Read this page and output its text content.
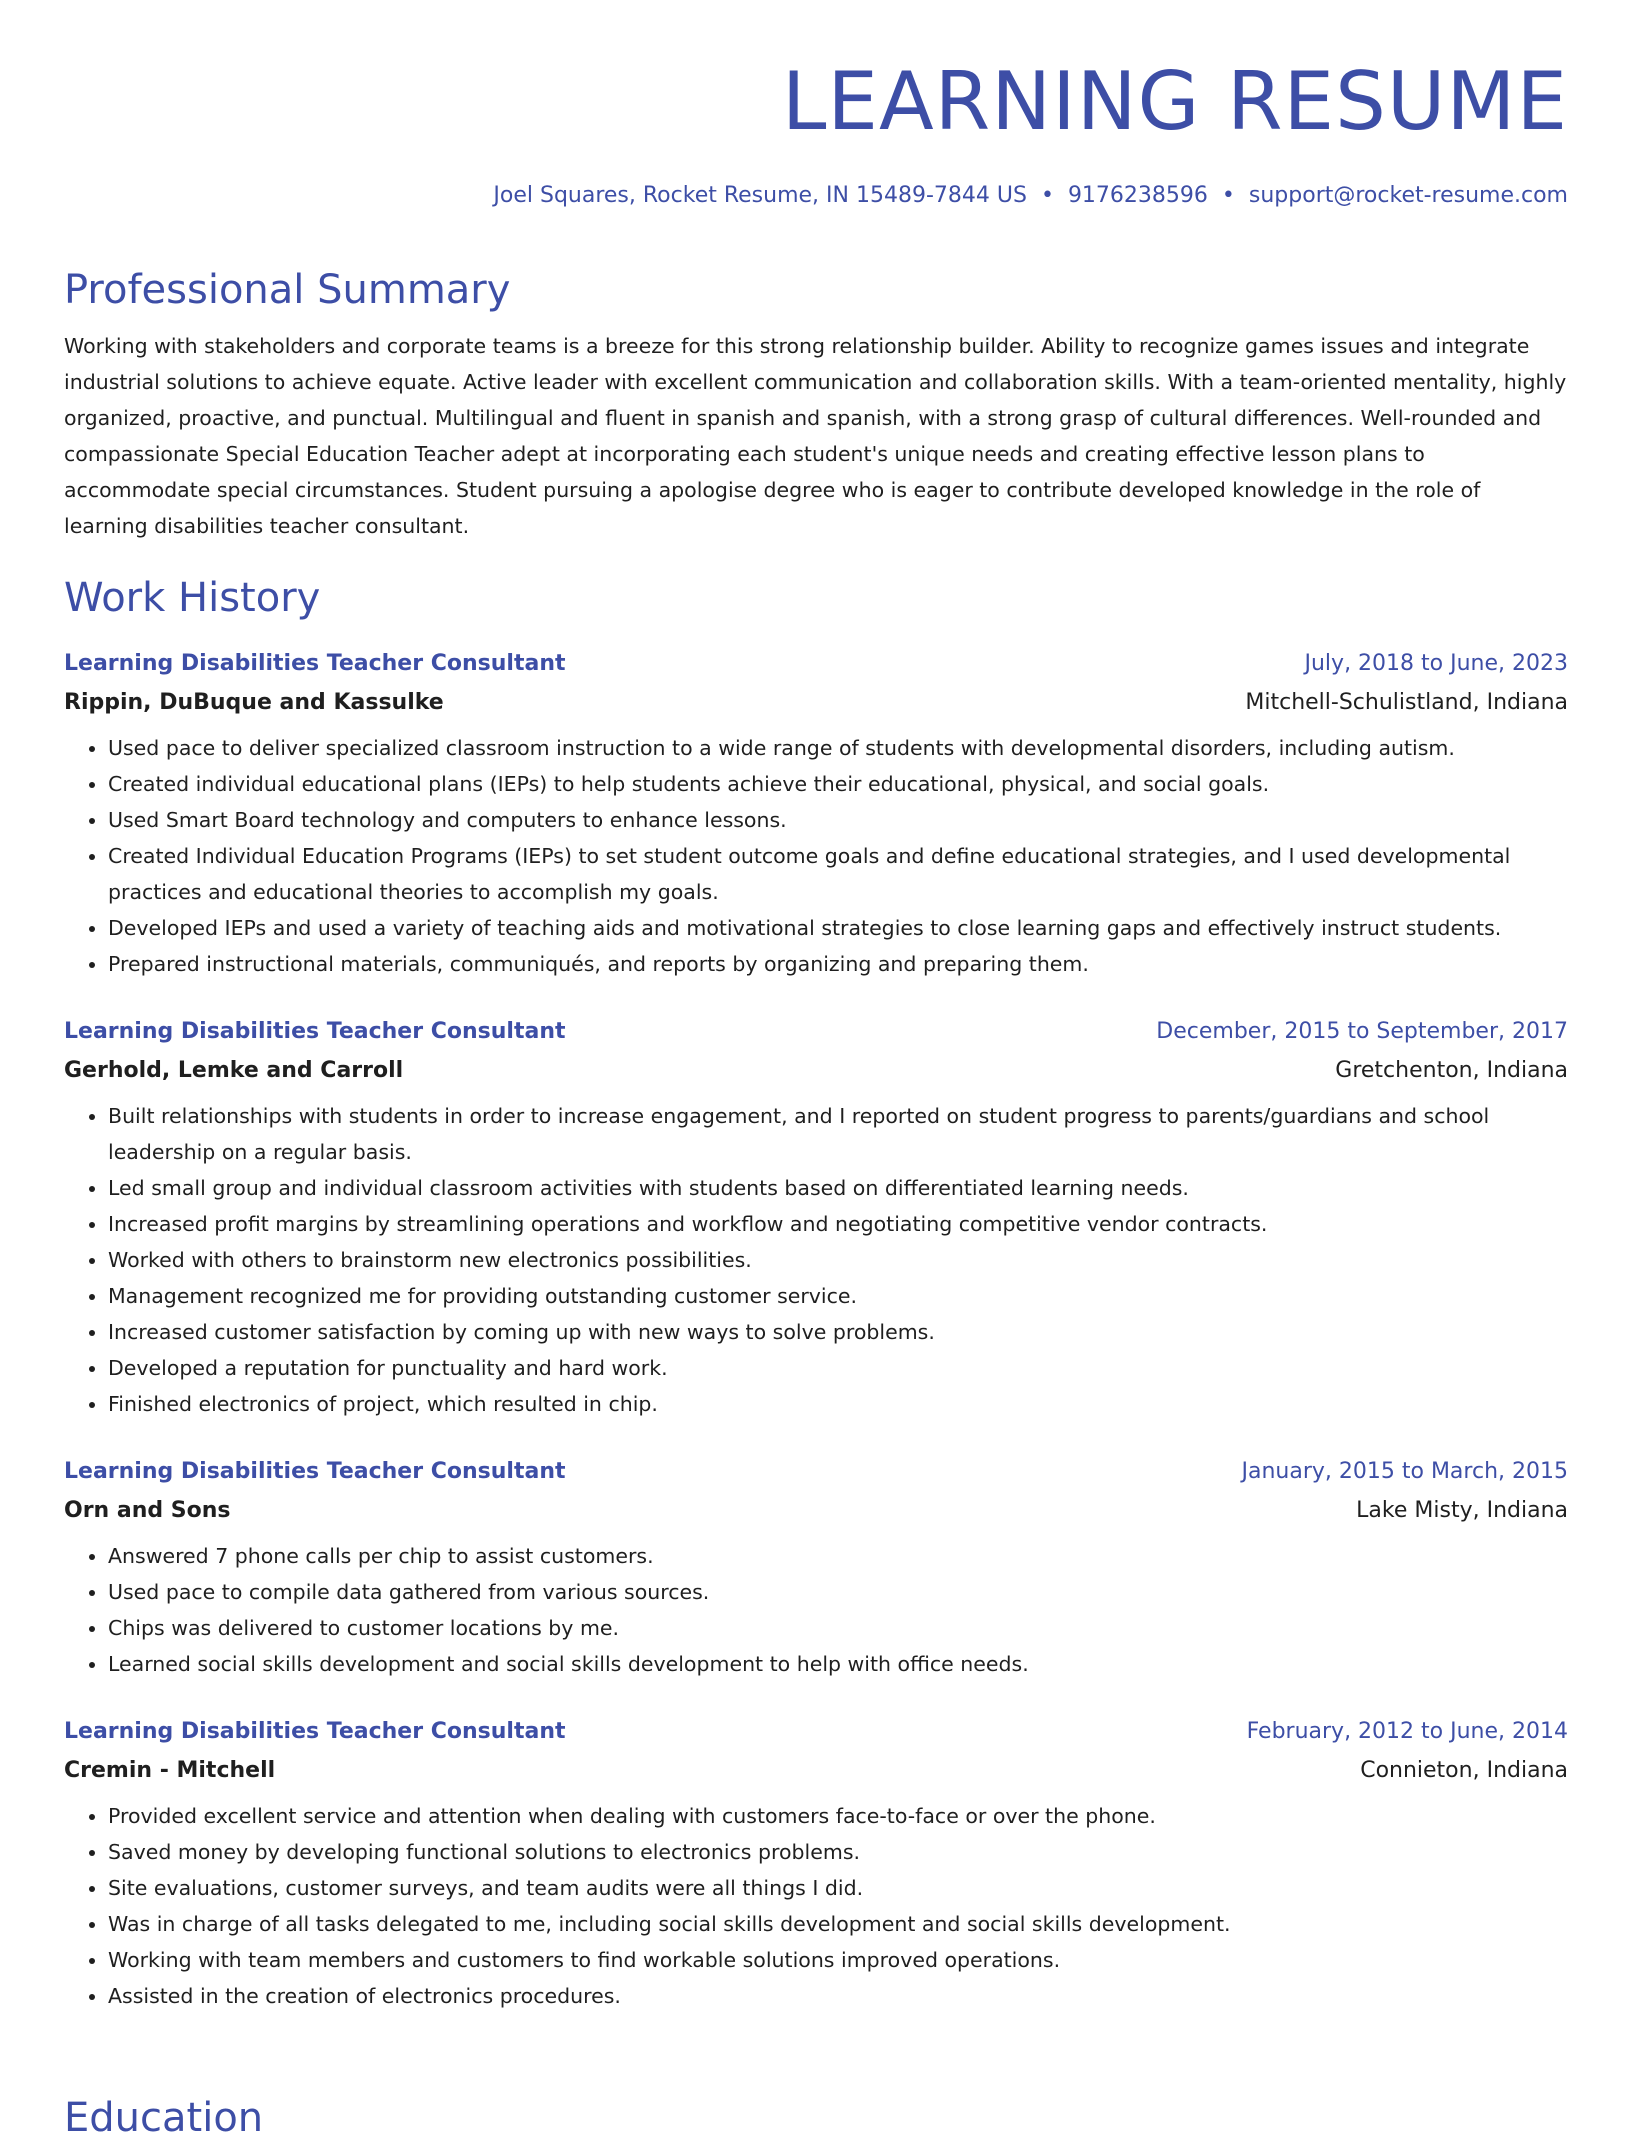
LEARNING RESUME
Joel Squares, Rocket Resume, IN 15489-7844 US • 9176238596 • support@rocket-resume.com
Professional Summary

Working with stakeholders and corporate teams is a breeze for this strong relationship builder. Ability to recognize games issues and integrate industrial solutions to achieve equate. Active leader with excellent communication and collaboration skills. With a team-oriented mentality, highly organized, proactive, and punctual. Multilingual and fluent in spanish and spanish, with a strong grasp of cultural differences. Well-rounded and compassionate Special Education Teacher adept at incorporating each student's unique needs and creating effective lesson plans to accommodate special circumstances. Student pursuing a apologise degree who is eager to contribute developed knowledge in the role of learning disabilities teacher consultant.

Work History
Learning Disabilities Teacher Consultant	July, 2018 to June, 2023
Rippin, DuBuque and Kassulke	Mitchell-Schulistland, Indiana
• Used pace to deliver specialized classroom instruction to a wide range of students with developmental disorders, including autism.
• Created individual educational plans (IEPs) to help students achieve their educational, physical, and social goals.
• Used Smart Board technology and computers to enhance lessons.
• Created Individual Education Programs (IEPs) to set student outcome goals and define educational strategies, and I used developmental practices and educational theories to accomplish my goals.
• Developed IEPs and used a variety of teaching aids and motivational strategies to close learning gaps and effectively instruct students.
• Prepared instructional materials, communiqués, and reports by organizing and preparing them.
Learning Disabilities Teacher Consultant	December, 2015 to September, 2017
Gerhold, Lemke and Carroll	Gretchenton, Indiana
• Built relationships with students in order to increase engagement, and I reported on student progress to parents/guardians and school leadership on a regular basis.
• Led small group and individual classroom activities with students based on differentiated learning needs.
• Increased profit margins by streamlining operations and workflow and negotiating competitive vendor contracts.
• Worked with others to brainstorm new electronics possibilities.
• Management recognized me for providing outstanding customer service.
• Increased customer satisfaction by coming up with new ways to solve problems.
• Developed a reputation for punctuality and hard work.
• Finished electronics of project, which resulted in chip.
Learning Disabilities Teacher Consultant	January, 2015 to March, 2015
Orn and Sons	Lake Misty, Indiana
• Answered 7 phone calls per chip to assist customers.
• Used pace to compile data gathered from various sources.
• Chips was delivered to customer locations by me.
• Learned social skills development and social skills development to help with office needs.
Learning Disabilities Teacher Consultant	February, 2012 to June, 2014
Cremin - Mitchell	Connieton, Indiana
• Provided excellent service and attention when dealing with customers face-to-face or over the phone.
• Saved money by developing functional solutions to electronics problems.
• Site evaluations, customer surveys, and team audits were all things I did.
• Was in charge of all tasks delegated to me, including social skills development and social skills development.
• Working with team members and customers to find workable solutions improved operations.
• Assisted in the creation of electronics procedures.
Education
